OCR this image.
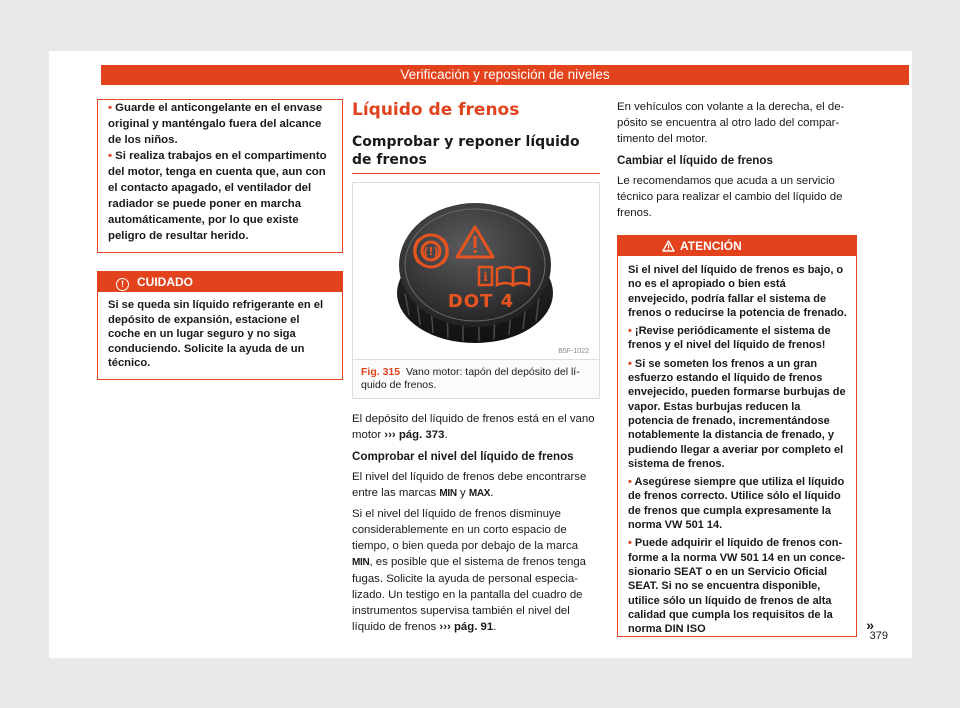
Verificación y reposición de niveles

• Guarde el anticongelante en el envase original y manténgalo fuera del alcance de los niños.

• Si realiza trabajos en el compartimento del motor, tenga en cuenta que, aun con el contacto apagado, el ventilador del radiador se puede poner en marcha automáticamente, por lo que existe peligro de resultar herido.

! CUIDADO

Si se queda sin líquido refrigerante en el depósito de expansión, estacione el coche en un lugar seguro y no siga conduciendo. Solicite la ayuda de un técnico.

Líquido de frenos
Comprobar y reponer líquido de frenos
(!)
i
DOT 4
B5F-1022
Fig. 315 Vano motor: tapón del depósito del líquido de frenos.

El depósito del líquido de frenos está en el vano motor ››› pág. 373.

Comprobar el nivel del líquido de frenos

El nivel del líquido de frenos debe encontrarse entre las marcas MIN y MAX.

Si el nivel del líquido de frenos disminuye considerablemente en un corto espacio de tiempo, o bien queda por debajo de la marca MIN, es posible que el sistema de frenos tenga fugas. Solicite la ayuda de personal especializado. Un testigo en la pantalla del cuadro de instrumentos supervisa también el nivel del líquido de frenos ››› pág. 91.

En vehículos con volante a la derecha, el depósito se encuentra al otro lado del compartimento del motor.

Cambiar el líquido de frenos

Le recomendamos que acuda a un servicio técnico para realizar el cambio del líquido de frenos.

ATENCIÓN

Si el nivel del líquido de frenos es bajo, o no es el apropiado o bien está envejecido, podría fallar el sistema de frenos o reducirse la potencia de frenado.

• ¡Revise periódicamente el sistema de frenos y el nivel del líquido de frenos!

• Si se someten los frenos a un gran esfuerzo estando el líquido de frenos envejecido, pueden formarse burbujas de vapor. Estas burbujas reducen la potencia de frenado, incrementándose notablemente la distancia de frenado, y pudiendo llegar a averiar por completo el sistema de frenos.

• Asegúrese siempre que utiliza el líquido de frenos correcto. Utilice sólo el líquido de frenos que cumpla expresamente la norma VW 501 14.

• Puede adquirir el líquido de frenos conforme a la norma VW 501 14 en un concesionario SEAT o en un Servicio Oficial SEAT. Si no se encuentra disponible, utilice sólo un líquido de frenos de alta calidad que cumpla los requisitos de la norma DIN ISO	»
379
